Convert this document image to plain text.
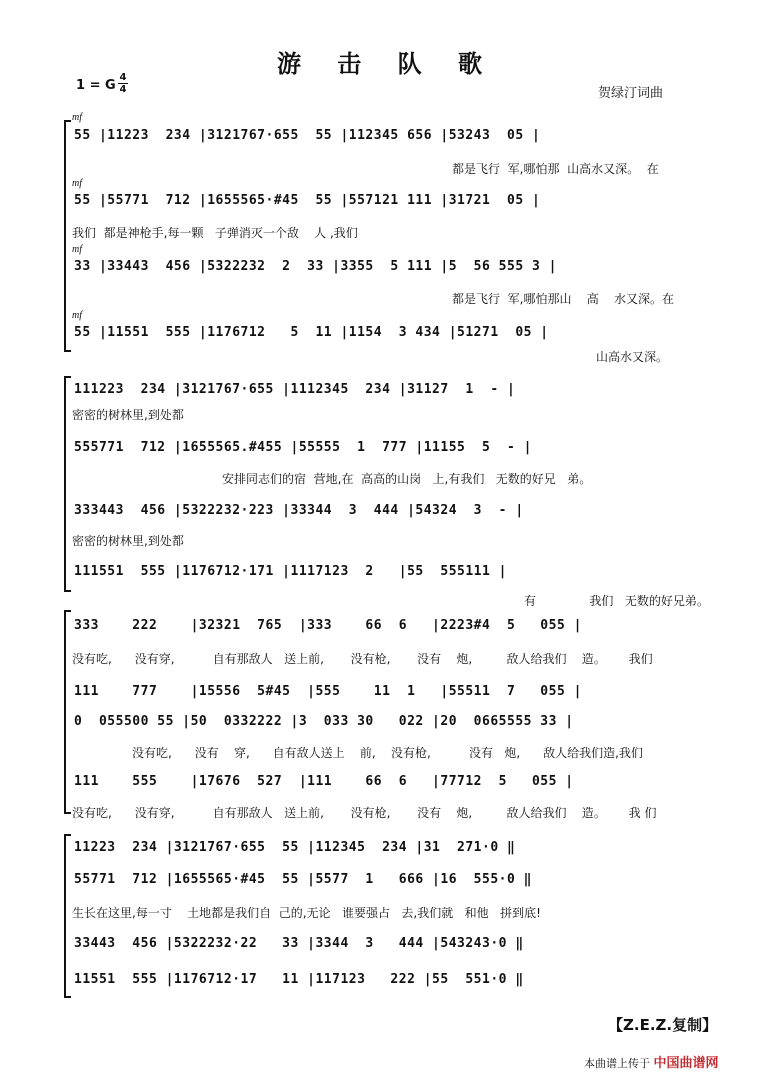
游 击 队 歌
1 = G
4
4	贺绿汀词曲
mf
55 |11223  234 |3121767·655  55 |112345 656 |53243  05 |
都是飞行  军,哪怕那  山高水又深。  在
mf
55 |55771  712 |1655565·#45  55 |557121 111 |31721  05 |
我们  都是神枪手,每一颗   子弹消灭一个敌    人 ,我们
mf
33 |33443  456 |5322232  2  33 |3355  5 111 |5  56 555 3 |
都是飞行  军,哪怕那山    高    水又深。在
mf
55 |11551  555 |1176712   5  11 |1154  3 434 |51271  05 |
山高水又深。
111223  234 |3121767·655 |1112345  234 |31127  1  - |
密密的树林里,到处都
555771  712 |1655565.#455 |55555  1  777 |11155  5  - |
安排同志们的宿  营地,在  高高的山岗   上,有我们   无数的好兄   弟。
333443  456 |5322232·223 |33344  3  444 |54324  3  - |
密密的树林里,到处都
111551  555 |1176712·171 |1117123  2   |55  555111 |
有              我们   无数的好兄弟。
333    222    |32321  765  |333    66  6   |2223#4  5   055 |
没有吃,      没有穿,          自有那敌人   送上前,       没有枪,       没有    炮,         敌人给我们    造。      我们
111    777    |15556  5#45  |555    11  1   |55511  7   055 |
0  055500 55 |50  0332222 |3  033 30   022 |20  0665555 33 |
没有吃,      没有    穿,      自有敌人送上    前,    没有枪,          没有   炮,      敌人给我们造,我们
111    555    |17676  527  |111    66  6   |77712  5   055 |
没有吃,      没有穿,          自有那敌人   送上前,       没有枪,       没有    炮,         敌人给我们    造。      我 们
11223  234 |3121767·655  55 |112345  234 |31  271·0 ‖
55771  712 |1655565·#45  55 |5577  1   666 |16  555·0 ‖
生长在这里,每一寸    土地都是我们自  己的,无论   谁要强占   去,我们就   和他   拼到底!
33443  456 |5322232·22   33 |3344  3   444 |543243·0 ‖
11551  555 |1176712·17   11 |117123   222 |55  551·0 ‖
【Z.E.Z.复制】
本曲谱上传于 中国曲谱网
